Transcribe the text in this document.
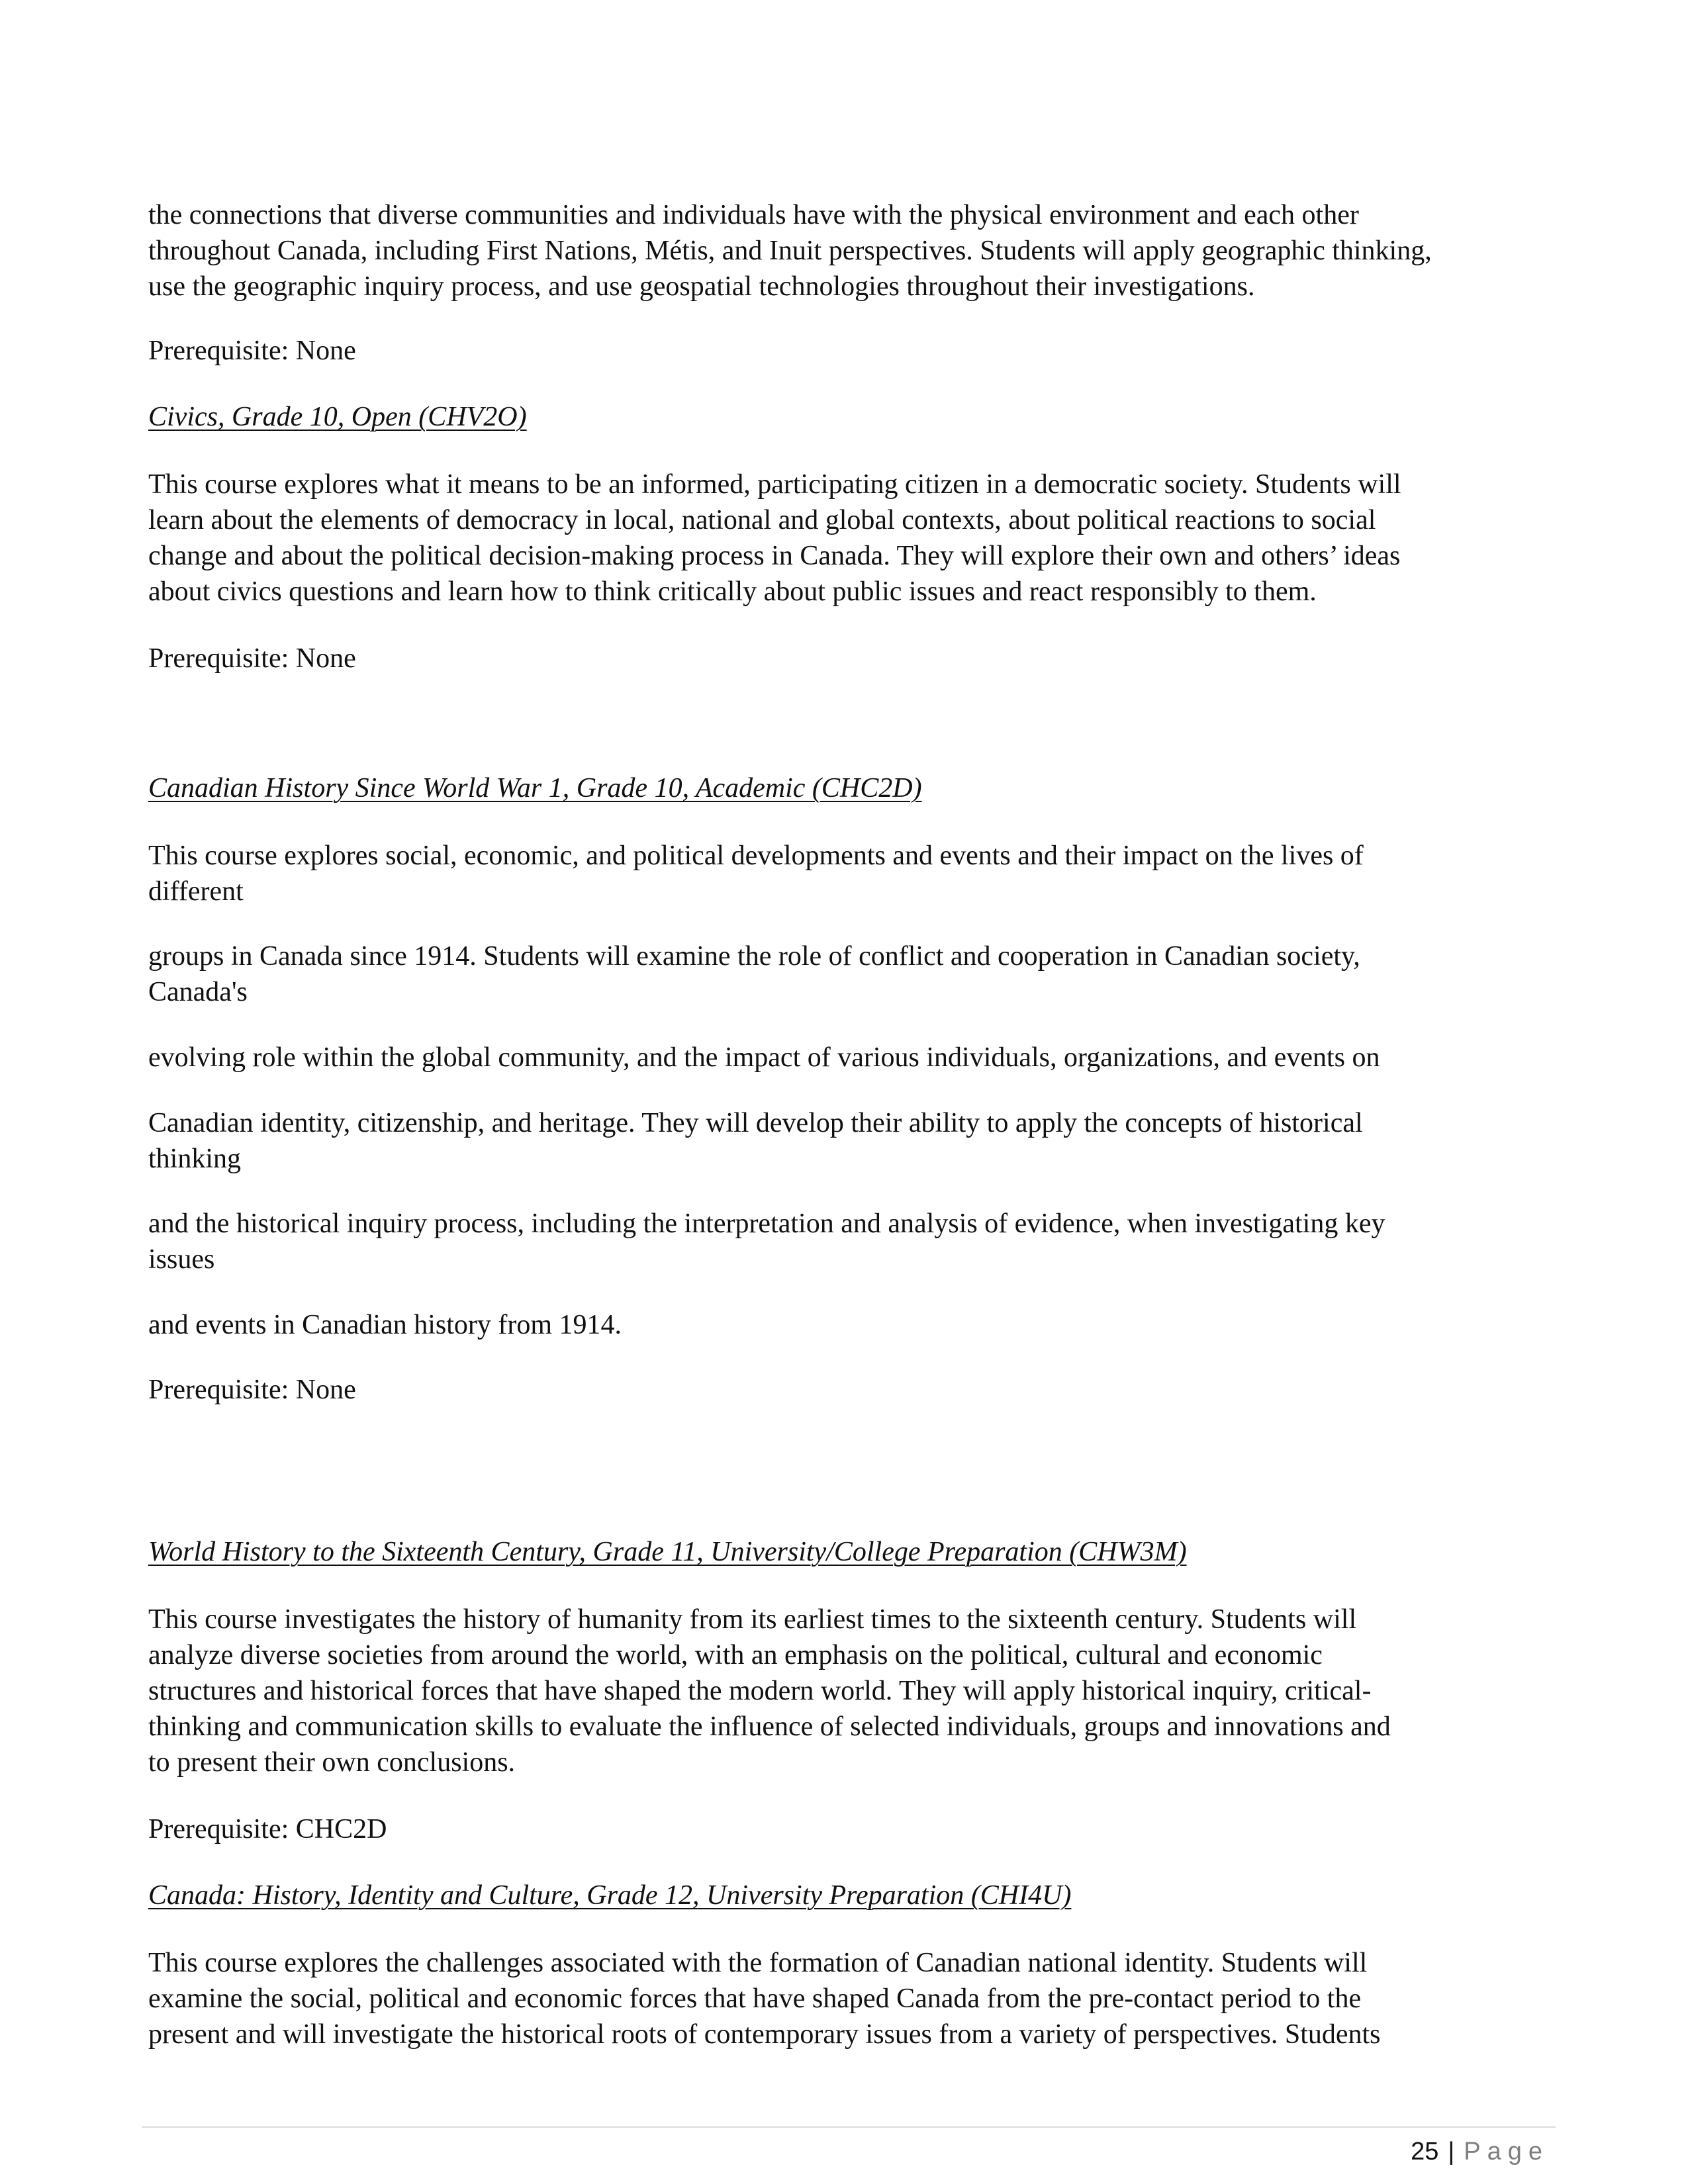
the connections that diverse communities and individuals have with the physical environment and each other
throughout Canada, including First Nations, Métis, and Inuit perspectives. Students will apply geographic thinking,
use the geographic inquiry process, and use geospatial technologies throughout their investigations.

Prerequisite: None

Civics, Grade 10, Open (CHV2O)

This course explores what it means to be an informed, participating citizen in a democratic society. Students will
learn about the elements of democracy in local, national and global contexts, about political reactions to social
change and about the political decision-making process in Canada. They will explore their own and others’ ideas
about civics questions and learn how to think critically about public issues and react responsibly to them.

Prerequisite: None

Canadian History Since World War 1, Grade 10, Academic (CHC2D)

This course explores social, economic, and political developments and events and their impact on the lives of
different

groups in Canada since 1914. Students will examine the role of conflict and cooperation in Canadian society,
Canada's

evolving role within the global community, and the impact of various individuals, organizations, and events on

Canadian identity, citizenship, and heritage. They will develop their ability to apply the concepts of historical
thinking

and the historical inquiry process, including the interpretation and analysis of evidence, when investigating key
issues

and events in Canadian history from 1914.

Prerequisite: None

World History to the Sixteenth Century, Grade 11, University/College Preparation (CHW3M)

This course investigates the history of humanity from its earliest times to the sixteenth century. Students will
analyze diverse societies from around the world, with an emphasis on the political, cultural and economic
structures and historical forces that have shaped the modern world. They will apply historical inquiry, critical-
thinking and communication skills to evaluate the influence of selected individuals, groups and innovations and
to present their own conclusions.

Prerequisite: CHC2D

Canada: History, Identity and Culture, Grade 12, University Preparation (CHI4U)

This course explores the challenges associated with the formation of Canadian national identity. Students will
examine the social, political and economic forces that have shaped Canada from the pre-contact period to the
present and will investigate the historical roots of contemporary issues from a variety of perspectives. Students

25 | Page
